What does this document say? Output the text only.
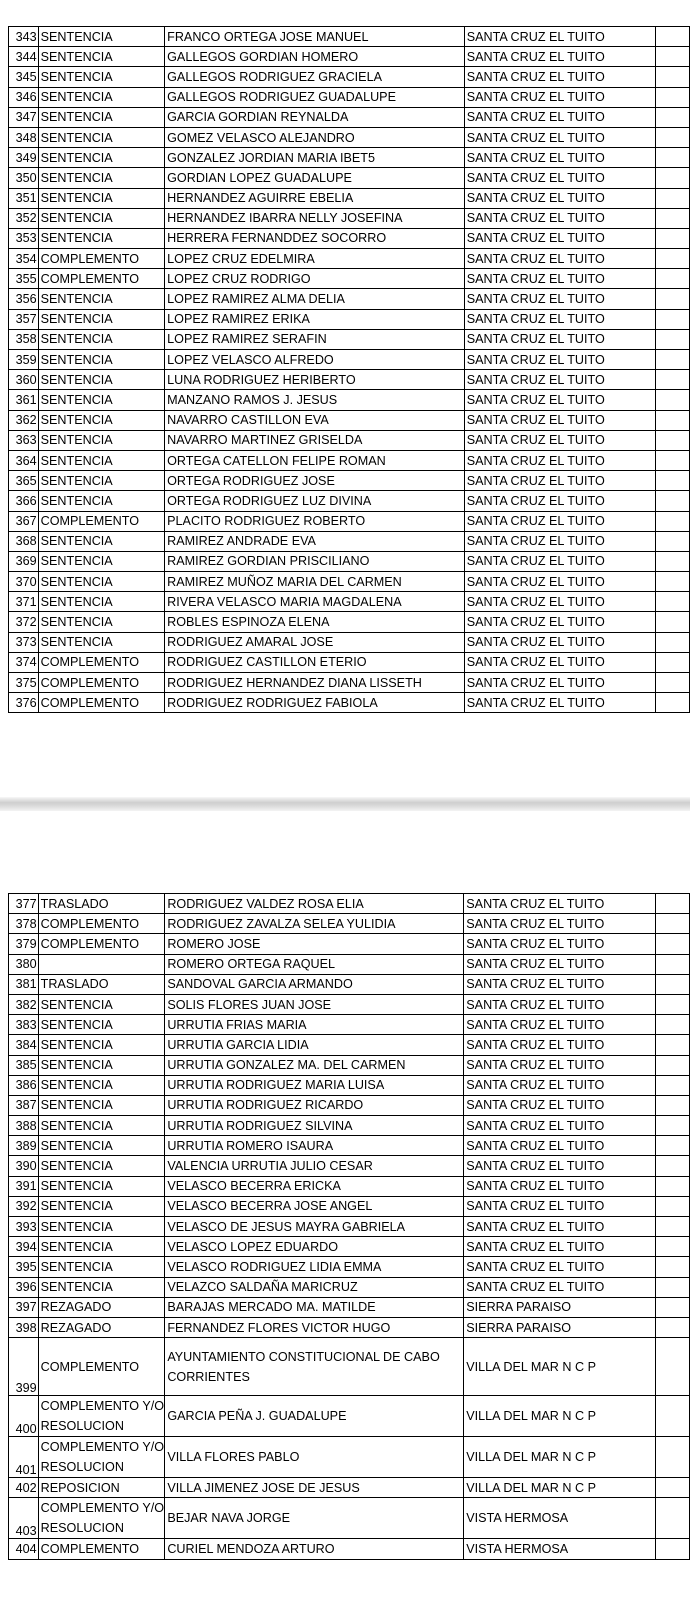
343	SENTENCIA	FRANCO ORTEGA JOSE MANUEL	SANTA CRUZ EL TUITO	
344	SENTENCIA	GALLEGOS GORDIAN HOMERO	SANTA CRUZ EL TUITO	
345	SENTENCIA	GALLEGOS RODRIGUEZ GRACIELA	SANTA CRUZ EL TUITO	
346	SENTENCIA	GALLEGOS RODRIGUEZ GUADALUPE	SANTA CRUZ EL TUITO	
347	SENTENCIA	GARCIA GORDIAN REYNALDA	SANTA CRUZ EL TUITO	
348	SENTENCIA	GOMEZ VELASCO ALEJANDRO	SANTA CRUZ EL TUITO	
349	SENTENCIA	GONZALEZ JORDIAN MARIA IBET5	SANTA CRUZ EL TUITO	
350	SENTENCIA	GORDIAN LOPEZ GUADALUPE	SANTA CRUZ EL TUITO	
351	SENTENCIA	HERNANDEZ AGUIRRE EBELIA	SANTA CRUZ EL TUITO	
352	SENTENCIA	HERNANDEZ IBARRA NELLY JOSEFINA	SANTA CRUZ EL TUITO	
353	SENTENCIA	HERRERA FERNANDDEZ SOCORRO	SANTA CRUZ EL TUITO	
354	COMPLEMENTO	LOPEZ CRUZ EDELMIRA	SANTA CRUZ EL TUITO	
355	COMPLEMENTO	LOPEZ CRUZ RODRIGO	SANTA CRUZ EL TUITO	
356	SENTENCIA	LOPEZ RAMIREZ ALMA DELIA	SANTA CRUZ EL TUITO	
357	SENTENCIA	LOPEZ RAMIREZ ERIKA	SANTA CRUZ EL TUITO	
358	SENTENCIA	LOPEZ RAMIREZ SERAFIN	SANTA CRUZ EL TUITO	
359	SENTENCIA	LOPEZ VELASCO ALFREDO	SANTA CRUZ EL TUITO	
360	SENTENCIA	LUNA RODRIGUEZ HERIBERTO	SANTA CRUZ EL TUITO	
361	SENTENCIA	MANZANO RAMOS J. JESUS	SANTA CRUZ EL TUITO	
362	SENTENCIA	NAVARRO CASTILLON EVA	SANTA CRUZ EL TUITO	
363	SENTENCIA	NAVARRO MARTINEZ GRISELDA	SANTA CRUZ EL TUITO	
364	SENTENCIA	ORTEGA CATELLON FELIPE ROMAN	SANTA CRUZ EL TUITO	
365	SENTENCIA	ORTEGA RODRIGUEZ JOSE	SANTA CRUZ EL TUITO	
366	SENTENCIA	ORTEGA RODRIGUEZ LUZ DIVINA	SANTA CRUZ EL TUITO	
367	COMPLEMENTO	PLACITO RODRIGUEZ ROBERTO	SANTA CRUZ EL TUITO	
368	SENTENCIA	RAMIREZ ANDRADE EVA	SANTA CRUZ EL TUITO	
369	SENTENCIA	RAMIREZ GORDIAN PRISCILIANO	SANTA CRUZ EL TUITO	
370	SENTENCIA	RAMIREZ MUÑOZ MARIA DEL CARMEN	SANTA CRUZ EL TUITO	
371	SENTENCIA	RIVERA VELASCO MARIA MAGDALENA	SANTA CRUZ EL TUITO	
372	SENTENCIA	ROBLES ESPINOZA ELENA	SANTA CRUZ EL TUITO	
373	SENTENCIA	RODRIGUEZ AMARAL JOSE	SANTA CRUZ EL TUITO	
374	COMPLEMENTO	RODRIGUEZ CASTILLON ETERIO	SANTA CRUZ EL TUITO	
375	COMPLEMENTO	RODRIGUEZ HERNANDEZ DIANA LISSETH	SANTA CRUZ EL TUITO	
376	COMPLEMENTO	RODRIGUEZ RODRIGUEZ FABIOLA	SANTA CRUZ EL TUITO	
377	TRASLADO	RODRIGUEZ VALDEZ ROSA ELIA	SANTA CRUZ EL TUITO	
378	COMPLEMENTO	RODRIGUEZ ZAVALZA SELEA YULIDIA	SANTA CRUZ EL TUITO	
379	COMPLEMENTO	ROMERO JOSE	SANTA CRUZ EL TUITO	
380		ROMERO ORTEGA RAQUEL	SANTA CRUZ EL TUITO	
381	TRASLADO	SANDOVAL GARCIA ARMANDO	SANTA CRUZ EL TUITO	
382	SENTENCIA	SOLIS FLORES JUAN JOSE	SANTA CRUZ EL TUITO	
383	SENTENCIA	URRUTIA FRIAS MARIA	SANTA CRUZ EL TUITO	
384	SENTENCIA	URRUTIA GARCIA LIDIA	SANTA CRUZ EL TUITO	
385	SENTENCIA	URRUTIA GONZALEZ MA. DEL CARMEN	SANTA CRUZ EL TUITO	
386	SENTENCIA	URRUTIA RODRIGUEZ MARIA LUISA	SANTA CRUZ EL TUITO	
387	SENTENCIA	URRUTIA RODRIGUEZ RICARDO	SANTA CRUZ EL TUITO	
388	SENTENCIA	URRUTIA RODRIGUEZ SILVINA	SANTA CRUZ EL TUITO	
389	SENTENCIA	URRUTIA ROMERO ISAURA	SANTA CRUZ EL TUITO	
390	SENTENCIA	VALENCIA URRUTIA JULIO CESAR	SANTA CRUZ EL TUITO	
391	SENTENCIA	VELASCO BECERRA ERICKA	SANTA CRUZ EL TUITO	
392	SENTENCIA	VELASCO BECERRA JOSE ANGEL	SANTA CRUZ EL TUITO	
393	SENTENCIA	VELASCO DE JESUS MAYRA GABRIELA	SANTA CRUZ EL TUITO	
394	SENTENCIA	VELASCO LOPEZ EDUARDO	SANTA CRUZ EL TUITO	
395	SENTENCIA	VELASCO RODRIGUEZ LIDIA EMMA	SANTA CRUZ EL TUITO	
396	SENTENCIA	VELAZCO SALDAÑA MARICRUZ	SANTA CRUZ EL TUITO	
397	REZAGADO	BARAJAS MERCADO MA. MATILDE	SIERRA PARAISO	
398	REZAGADO	FERNANDEZ FLORES VICTOR HUGO	SIERRA PARAISO	
399	COMPLEMENTO	AYUNTAMIENTO CONSTITUCIONAL DE CABO CORRIENTES	VILLA DEL MAR N C P	
400	COMPLEMENTO Y/O RESOLUCION	GARCIA PEÑA J. GUADALUPE	VILLA DEL MAR N C P	
401	COMPLEMENTO Y/O RESOLUCION	VILLA FLORES PABLO	VILLA DEL MAR N C P	
402	REPOSICION	VILLA JIMENEZ JOSE DE JESUS	VILLA DEL MAR N C P	
403	COMPLEMENTO Y/O RESOLUCION	BEJAR NAVA JORGE	VISTA HERMOSA	
404	COMPLEMENTO	CURIEL MENDOZA ARTURO	VISTA HERMOSA	
